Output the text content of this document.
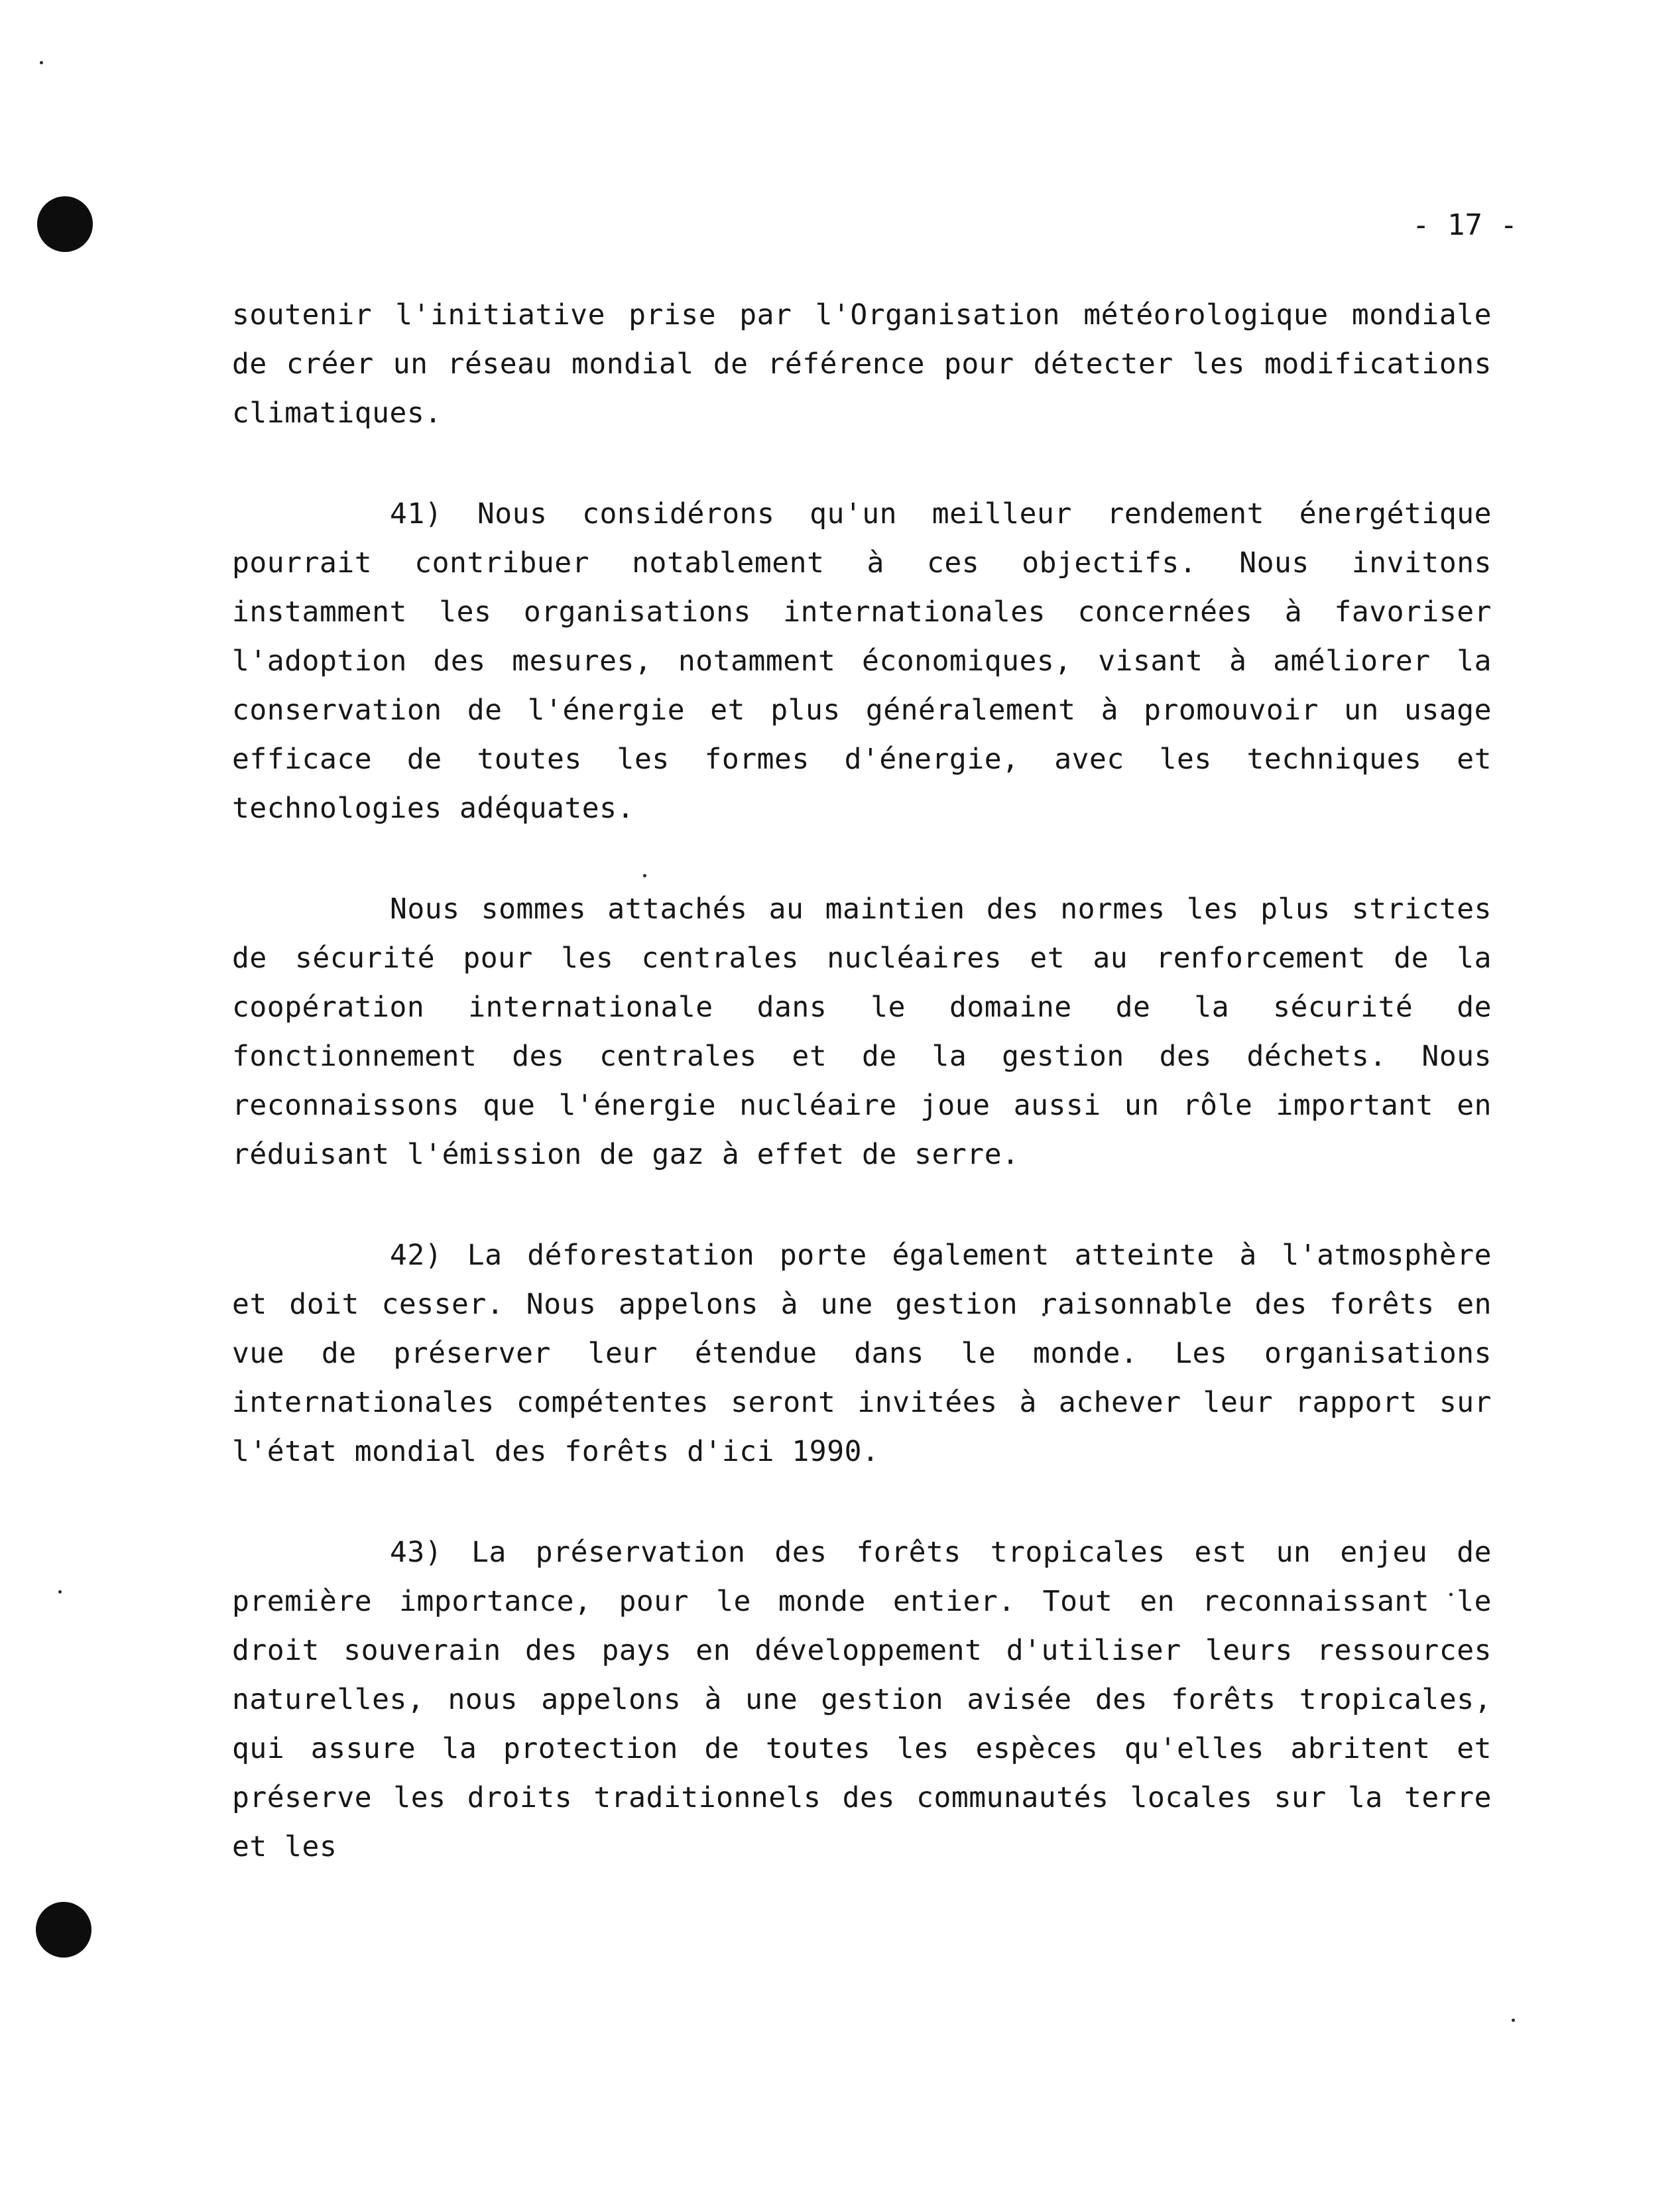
- 17 -

soutenir l'initiative prise par l'Organisation météorologique mondiale de créer un réseau mondial de référence pour détecter les modifications climatiques.

41) Nous considérons qu'un meilleur rendement énergétique pourrait contribuer notablement à ces objectifs. Nous invitons instamment les organisations internationales concernées à favoriser l'adoption des mesures, notamment économiques, visant à améliorer la conservation de l'énergie et plus généralement à promouvoir un usage efficace de toutes les formes d'énergie, avec les techniques et technologies adéquates.

Nous sommes attachés au maintien des normes les plus strictes de sécurité pour les centrales nucléaires et au renforcement de la coopération internationale dans le domaine de la sécurité de fonctionnement des centrales et de la gestion des déchets. Nous reconnaissons que l'énergie nucléaire joue aussi un rôle important en réduisant l'émission de gaz à effet de serre.

42) La déforestation porte également atteinte à l'atmosphère et doit cesser. Nous appelons à une gestion raisonnable des forêts en vue de préserver leur étendue dans le monde. Les organisations internationales compétentes seront invitées à achever leur rapport sur l'état mondial des forêts d'ici 1990.

43) La préservation des forêts tropicales est un enjeu de première importance, pour le monde entier. Tout en reconnaissant le droit souverain des pays en développement d'utiliser leurs ressources naturelles, nous appelons à une gestion avisée des forêts tropicales, qui assure la protection de toutes les espèces qu'elles abritent et préserve les droits traditionnels des communautés locales sur la terre et les
